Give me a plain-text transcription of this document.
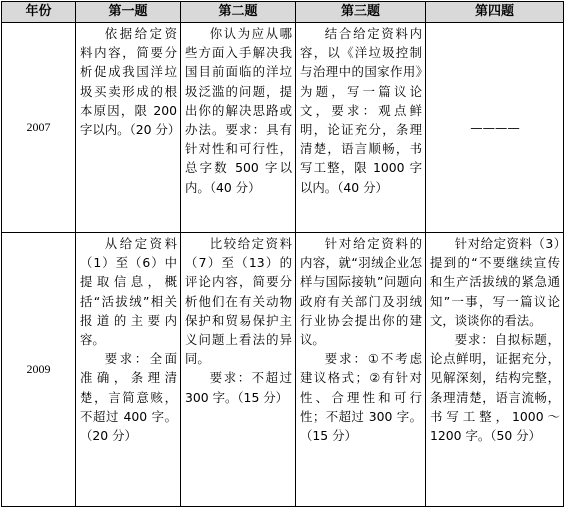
年份	第一题	第二题	第三题	第四题
2007	依据给定资料内容，简要分析促成我国洋垃圾买卖形成的根本原因，限 200 字以内。（20 分）	你认为应从哪些方面入手解决我国目前面临的洋垃圾泛滥的问题，提出你的解决思路或办法。要求：具有针对性和可行性，总字数 500 字以内。（40 分）	结合给定资料内容，以《洋垃圾控制与治理中的国家作用》为题，写一篇议论文，要求：观点鲜明，论证充分，条理清楚，语言顺畅，书写工整，限 1000 字以内。（40 分）	————
2009	从给定资料（1）至（6）中提取信息，概括“活拔绒”相关报道的主要内容。
要求：全面准确，条理清楚，言简意赅，不超过 400 字。（20 分）	比较给定资料（7）至（13）的评论内容，简要分析他们在有关动物保护和贸易保护主义问题上看法的异同。
要求：不超过 300 字。（15 分）	针对给定资料的内容，就“羽绒企业怎样与国际接轨”问题向政府有关部门及羽绒行业协会提出你的建议。
要求：①不考虑建议格式；②有针对性、合理性和可行性；不超过 300 字。（15 分）	针对给定资料（3）提到的“不要继续宣传和生产活拔绒的紧急通知”一事，写一篇议论文，谈谈你的看法。
要求：自拟标题，论点鲜明，证据充分，见解深刻，结构完整，条理清楚，语言流畅，书写工整，1000～1200 字。（50 分）
